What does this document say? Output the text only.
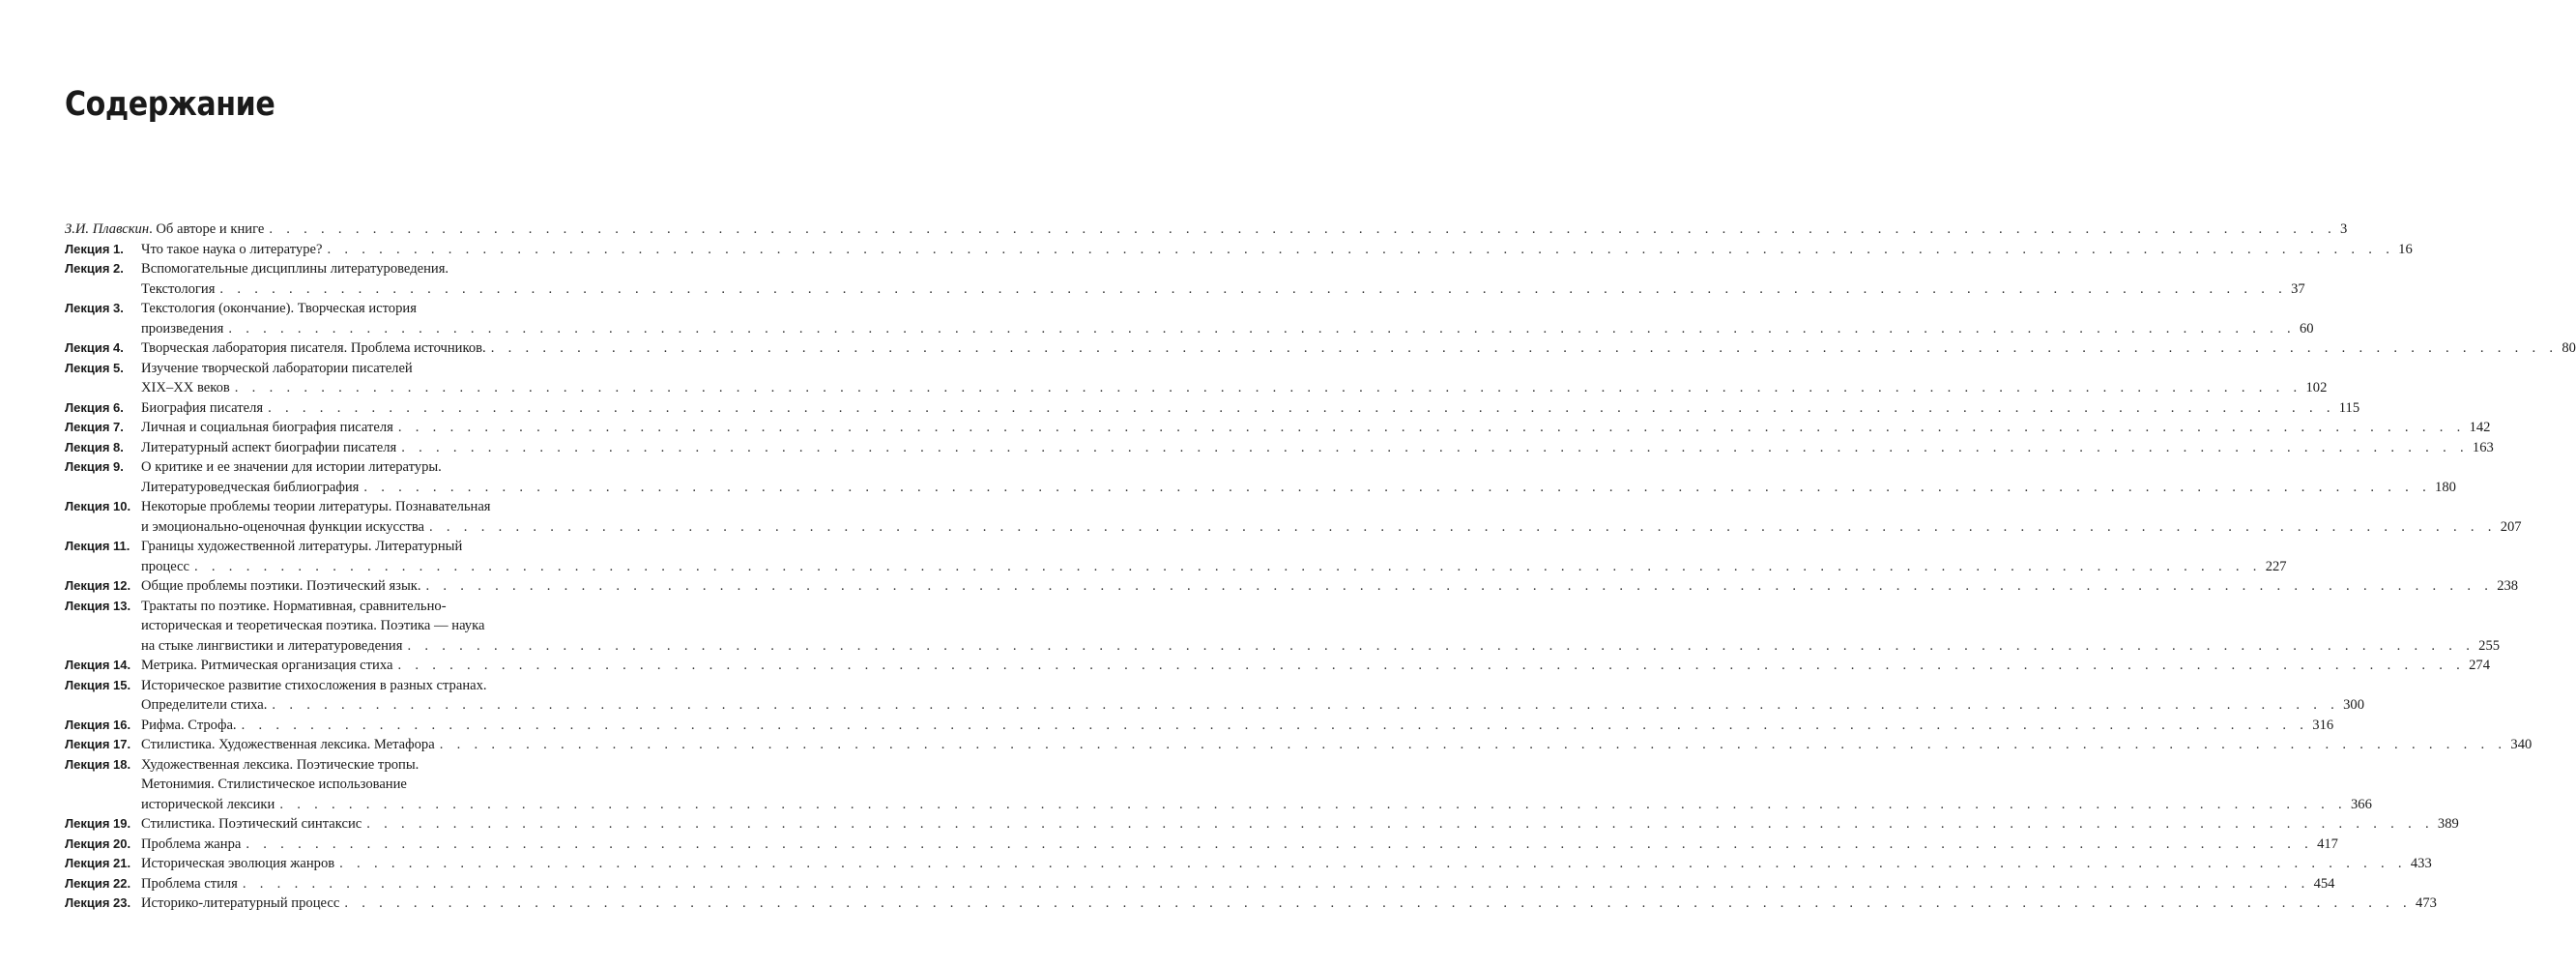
Содержание
З.И. Плавскин. Об авторе и книге . . . . . . . . . . . . . . . . . . . . . . . . . . . . . . . . . . . . . . . . . . . . . . . . . . . . . . . . . . . . . . . . . . . . . . . . . . . . . . . . . . . . . . . . . . . . . . . . . . . . . . . . . . . . . . . . . . . . . . . . 3
Лекция 1.	Что такое наука о литературе? . . . . . . . . . . . . . . . . . . . . . . . . . . . . . . . . . . . . . . . . . . . . . . . . . . . . . . . . . . . . . . . . . . . . . . . . . . . . . . . . . . . . . . . . . . . . . . . . . . . . . . . . . . . . . . . . . . . . . . . . 16
Лекция 2.	Вспомогательные дисциплины литературоведения.
Текстология . . . . . . . . . . . . . . . . . . . . . . . . . . . . . . . . . . . . . . . . . . . . . . . . . . . . . . . . . . . . . . . . . . . . . . . . . . . . . . . . . . . . . . . . . . . . . . . . . . . . . . . . . . . . . . . . . . . . . . . . 37
Лекция 3.	Текстология (окончание). Творческая история
произведения . . . . . . . . . . . . . . . . . . . . . . . . . . . . . . . . . . . . . . . . . . . . . . . . . . . . . . . . . . . . . . . . . . . . . . . . . . . . . . . . . . . . . . . . . . . . . . . . . . . . . . . . . . . . . . . . . . . . . . . . 60
Лекция 4.	Творческая лаборатория писателя. Проблема источников. . . . . . . . . . . . . . . . . . . . . . . . . . . . . . . . . . . . . . . . . . . . . . . . . . . . . . . . . . . . . . . . . . . . . . . . . . . . . . . . . . . . . . . . . . . . . . . . . . . . . . . . . . . . . . . . . . . . . . . . . 80
Лекция 5.	Изучение творческой лаборатории писателей
XIX–XX веков . . . . . . . . . . . . . . . . . . . . . . . . . . . . . . . . . . . . . . . . . . . . . . . . . . . . . . . . . . . . . . . . . . . . . . . . . . . . . . . . . . . . . . . . . . . . . . . . . . . . . . . . . . . . . . . . . . . . . . . . 102
Лекция 6.	Биография писателя . . . . . . . . . . . . . . . . . . . . . . . . . . . . . . . . . . . . . . . . . . . . . . . . . . . . . . . . . . . . . . . . . . . . . . . . . . . . . . . . . . . . . . . . . . . . . . . . . . . . . . . . . . . . . . . . . . . . . . . . 115
Лекция 7.	Личная и социальная биография писателя . . . . . . . . . . . . . . . . . . . . . . . . . . . . . . . . . . . . . . . . . . . . . . . . . . . . . . . . . . . . . . . . . . . . . . . . . . . . . . . . . . . . . . . . . . . . . . . . . . . . . . . . . . . . . . . . . . . . . . . . 142
Лекция 8.	Литературный аспект биографии писателя . . . . . . . . . . . . . . . . . . . . . . . . . . . . . . . . . . . . . . . . . . . . . . . . . . . . . . . . . . . . . . . . . . . . . . . . . . . . . . . . . . . . . . . . . . . . . . . . . . . . . . . . . . . . . . . . . . . . . . . . 163
Лекция 9.	О критике и ее значении для истории литературы.
Литературоведческая библиография . . . . . . . . . . . . . . . . . . . . . . . . . . . . . . . . . . . . . . . . . . . . . . . . . . . . . . . . . . . . . . . . . . . . . . . . . . . . . . . . . . . . . . . . . . . . . . . . . . . . . . . . . . . . . . . . . . . . . . . . 180
Лекция 10. Некоторые проблемы теории литературы. Познавательная
и эмоционально-оценочная функции искусства . . . . . . . . . . . . . . . . . . . . . . . . . . . . . . . . . . . . . . . . . . . . . . . . . . . . . . . . . . . . . . . . . . . . . . . . . . . . . . . . . . . . . . . . . . . . . . . . . . . . . . . . . . . . . . . . . . . . . . . . 207
Лекция 11. Границы художественной литературы. Литературный
процесс . . . . . . . . . . . . . . . . . . . . . . . . . . . . . . . . . . . . . . . . . . . . . . . . . . . . . . . . . . . . . . . . . . . . . . . . . . . . . . . . . . . . . . . . . . . . . . . . . . . . . . . . . . . . . . . . . . . . . . . . 227
Лекция 12. Общие проблемы поэтики. Поэтический язык. . . . . . . . . . . . . . . . . . . . . . . . . . . . . . . . . . . . . . . . . . . . . . . . . . . . . . . . . . . . . . . . . . . . . . . . . . . . . . . . . . . . . . . . . . . . . . . . . . . . . . . . . . . . . . . . . . . . . . . . . 238
Лекция 13. Трактаты по поэтике. Нормативная, сравнительно-
историческая и теоретическая поэтика. Поэтика — наука
на стыке лингвистики и литературоведения . . . . . . . . . . . . . . . . . . . . . . . . . . . . . . . . . . . . . . . . . . . . . . . . . . . . . . . . . . . . . . . . . . . . . . . . . . . . . . . . . . . . . . . . . . . . . . . . . . . . . . . . . . . . . . . . . . . . . . . . 255
Лекция 14. Метрика. Ритмическая организация стиха . . . . . . . . . . . . . . . . . . . . . . . . . . . . . . . . . . . . . . . . . . . . . . . . . . . . . . . . . . . . . . . . . . . . . . . . . . . . . . . . . . . . . . . . . . . . . . . . . . . . . . . . . . . . . . . . . . . . . . . . 274
Лекция 15. Историческое развитие стихосложения в разных странах.
Определители стиха. . . . . . . . . . . . . . . . . . . . . . . . . . . . . . . . . . . . . . . . . . . . . . . . . . . . . . . . . . . . . . . . . . . . . . . . . . . . . . . . . . . . . . . . . . . . . . . . . . . . . . . . . . . . . . . . . . . . . . . . . 300
Лекция 16. Рифма. Строфа. . . . . . . . . . . . . . . . . . . . . . . . . . . . . . . . . . . . . . . . . . . . . . . . . . . . . . . . . . . . . . . . . . . . . . . . . . . . . . . . . . . . . . . . . . . . . . . . . . . . . . . . . . . . . . . . . . . . . . . . . 316
Лекция 17. Стилистика. Художественная лексика. Метафора . . . . . . . . . . . . . . . . . . . . . . . . . . . . . . . . . . . . . . . . . . . . . . . . . . . . . . . . . . . . . . . . . . . . . . . . . . . . . . . . . . . . . . . . . . . . . . . . . . . . . . . . . . . . . . . . . . . . . . . . 340
Лекция 18. Художественная лексика. Поэтические тропы.
Метонимия. Стилистическое использование
исторической лексики . . . . . . . . . . . . . . . . . . . . . . . . . . . . . . . . . . . . . . . . . . . . . . . . . . . . . . . . . . . . . . . . . . . . . . . . . . . . . . . . . . . . . . . . . . . . . . . . . . . . . . . . . . . . . . . . . . . . . . . . 366
Лекция 19. Стилистика. Поэтический синтаксис . . . . . . . . . . . . . . . . . . . . . . . . . . . . . . . . . . . . . . . . . . . . . . . . . . . . . . . . . . . . . . . . . . . . . . . . . . . . . . . . . . . . . . . . . . . . . . . . . . . . . . . . . . . . . . . . . . . . . . . . 389
Лекция 20. Проблема жанра . . . . . . . . . . . . . . . . . . . . . . . . . . . . . . . . . . . . . . . . . . . . . . . . . . . . . . . . . . . . . . . . . . . . . . . . . . . . . . . . . . . . . . . . . . . . . . . . . . . . . . . . . . . . . . . . . . . . . . . . 417
Лекция 21. Историческая эволюция жанров . . . . . . . . . . . . . . . . . . . . . . . . . . . . . . . . . . . . . . . . . . . . . . . . . . . . . . . . . . . . . . . . . . . . . . . . . . . . . . . . . . . . . . . . . . . . . . . . . . . . . . . . . . . . . . . . . . . . . . . . 433
Лекция 22. Проблема стиля . . . . . . . . . . . . . . . . . . . . . . . . . . . . . . . . . . . . . . . . . . . . . . . . . . . . . . . . . . . . . . . . . . . . . . . . . . . . . . . . . . . . . . . . . . . . . . . . . . . . . . . . . . . . . . . . . . . . . . . . 454
Лекция 23. Историко-литературный процесс . . . . . . . . . . . . . . . . . . . . . . . . . . . . . . . . . . . . . . . . . . . . . . . . . . . . . . . . . . . . . . . . . . . . . . . . . . . . . . . . . . . . . . . . . . . . . . . . . . . . . . . . . . . . . . . . . . . . . . . . 473
